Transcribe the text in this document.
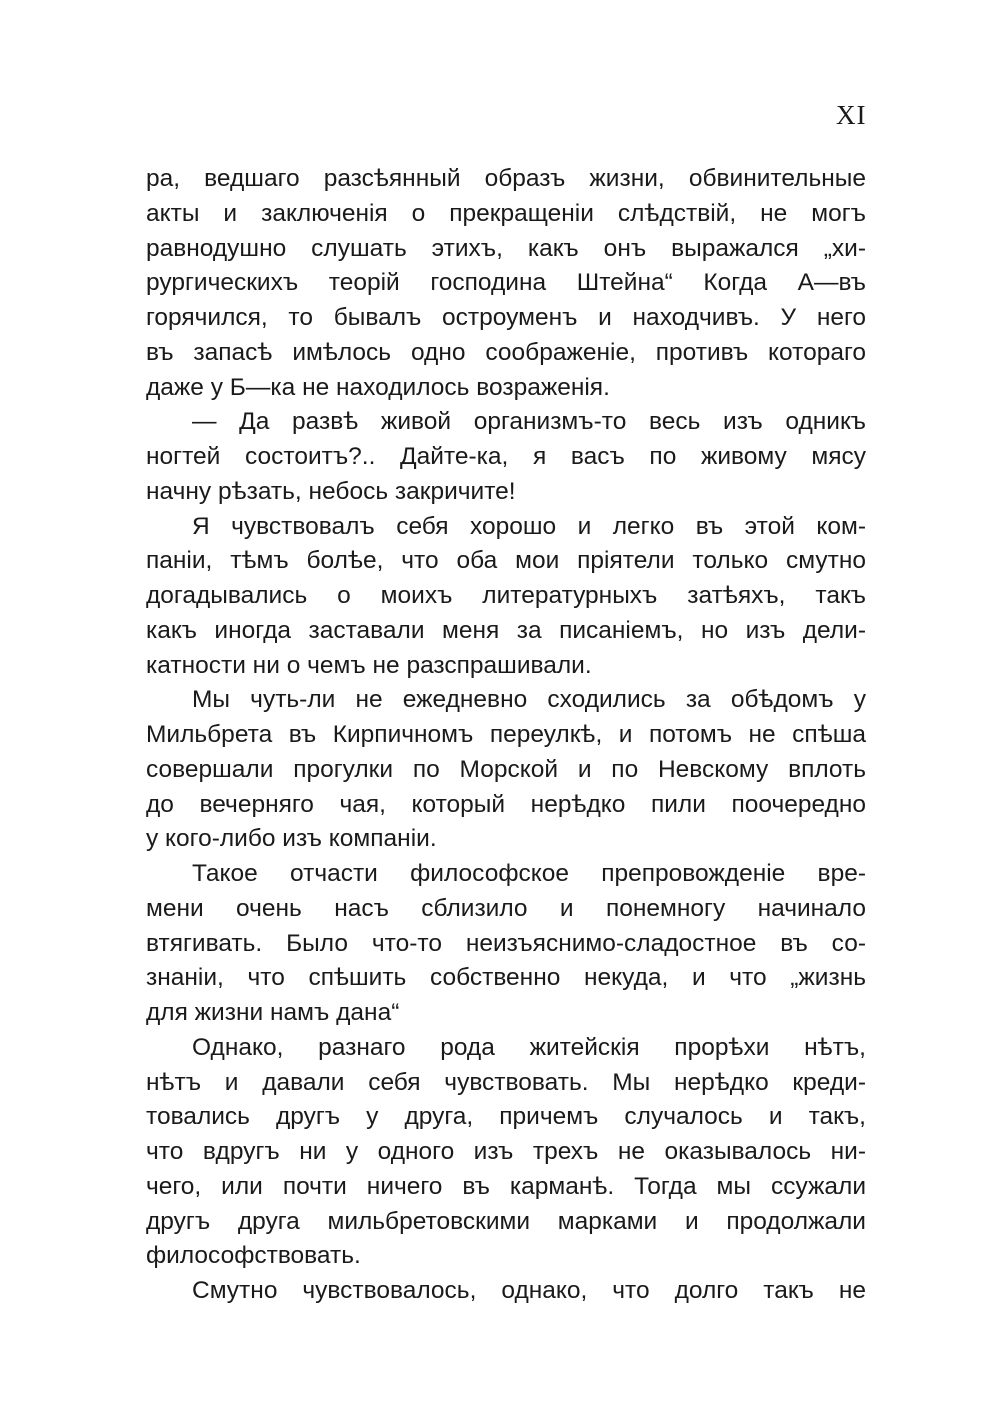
XI
ра, ведшаго разсѣянный образъ жизни, обвинительные
акты и заключенія о прекращеніи слѣдствій, не могъ
равнодушно слушать этихъ, какъ онъ выражался „хи-
рургическихъ теорій господина Штейна“ Когда А—въ
горячился, то бывалъ остроуменъ и находчивъ. У него
въ запасѣ имѣлось одно соображеніе, противъ котораго
даже у Б—ка не находилось возраженія.
— Да развѣ живой организмъ-то весь изъ одникъ
ногтей состоитъ?.. Дайте-ка, я васъ по живому мясу
начну рѣзать, небось закричите!
Я чувствовалъ себя хорошо и легко въ этой ком-
паніи, тѣмъ болѣе, что оба мои пріятели только смутно
догадывались о моихъ литературныхъ затѣяхъ, такъ
какъ иногда заставали меня за писаніемъ, но изъ дели-
катности ни о чемъ не разспрашивали.
Мы чуть-ли не ежедневно сходились за обѣдомъ у
Мильбрета въ Кирпичномъ переулкѣ, и потомъ не спѣша
совершали прогулки по Морской и по Невскому вплоть
до вечерняго чая, который нерѣдко пили поочередно
у кого-либо изъ компаніи.
Такое отчасти философское препровожденіе вре-
мени очень насъ сблизило и понемногу начинало
втягивать. Было что-то неизъяснимо-сладостное въ со-
знаніи, что спѣшить собственно некуда, и что „жизнь
для жизни намъ дана“
Однако, разнаго рода житейскія прорѣхи нѣтъ,
нѣтъ и давали себя чувствовать. Мы нерѣдко креди-
товались другъ у друга, причемъ случалось и такъ,
что вдругъ ни у одного изъ трехъ не оказывалось ни-
чего, или почти ничего въ карманѣ. Тогда мы ссужали
другъ друга мильбретовскими марками и продолжали
философствовать.
Смутно чувствовалось, однако, что долго такъ не
